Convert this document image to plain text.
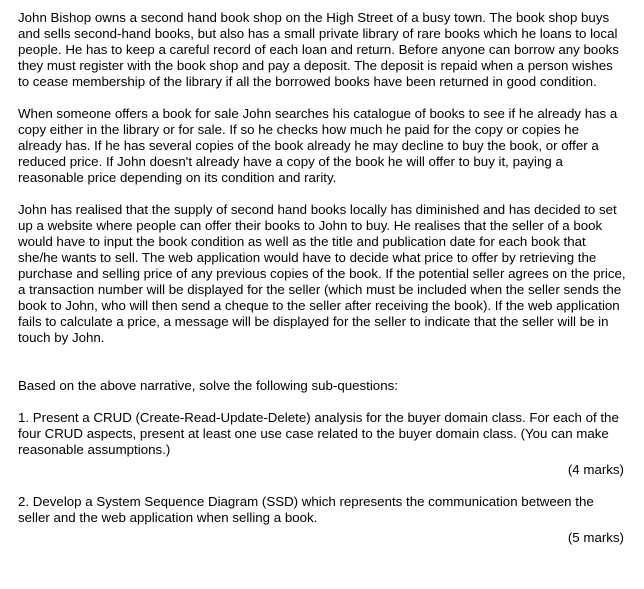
John Bishop owns a second hand book shop on the High Street of a busy town. The book shop buys and sells second-hand books, but also has a small private library of rare books which he loans to local people. He has to keep a careful record of each loan and return. Before anyone can borrow any books they must register with the book shop and pay a deposit. The deposit is repaid when a person wishes to cease membership of the library if all the borrowed books have been returned in good condition.

When someone offers a book for sale John searches his catalogue of books to see if he already has a copy either in the library or for sale. If so he checks how much he paid for the copy or copies he already has. If he has several copies of the book already he may decline to buy the book, or offer a reduced price. If John doesn't already have a copy of the book he will offer to buy it, paying a reasonable price depending on its condition and rarity.

John has realised that the supply of second hand books locally has diminished and has decided to set up a website where people can offer their books to John to buy. He realises that the seller of a book would have to input the book condition as well as the title and publication date for each book that she/he wants to sell. The web application would have to decide what price to offer by retrieving the purchase and selling price of any previous copies of the book. If the potential seller agrees on the price, a transaction number will be displayed for the seller (which must be included when the seller sends the book to John, who will then send a cheque to the seller after receiving the book). If the web application fails to calculate a price, a message will be displayed for the seller to indicate that the seller will be in touch by John.

Based on the above narrative, solve the following sub-questions:

1. Present a CRUD (Create-Read-Update-Delete) analysis for the buyer domain class. For each of the four CRUD aspects, present at least one use case related to the buyer domain class. (You can make reasonable assumptions.)

(4 marks)

2. Develop a System Sequence Diagram (SSD) which represents the communication between the seller and the web application when selling a book.

(5 marks)
